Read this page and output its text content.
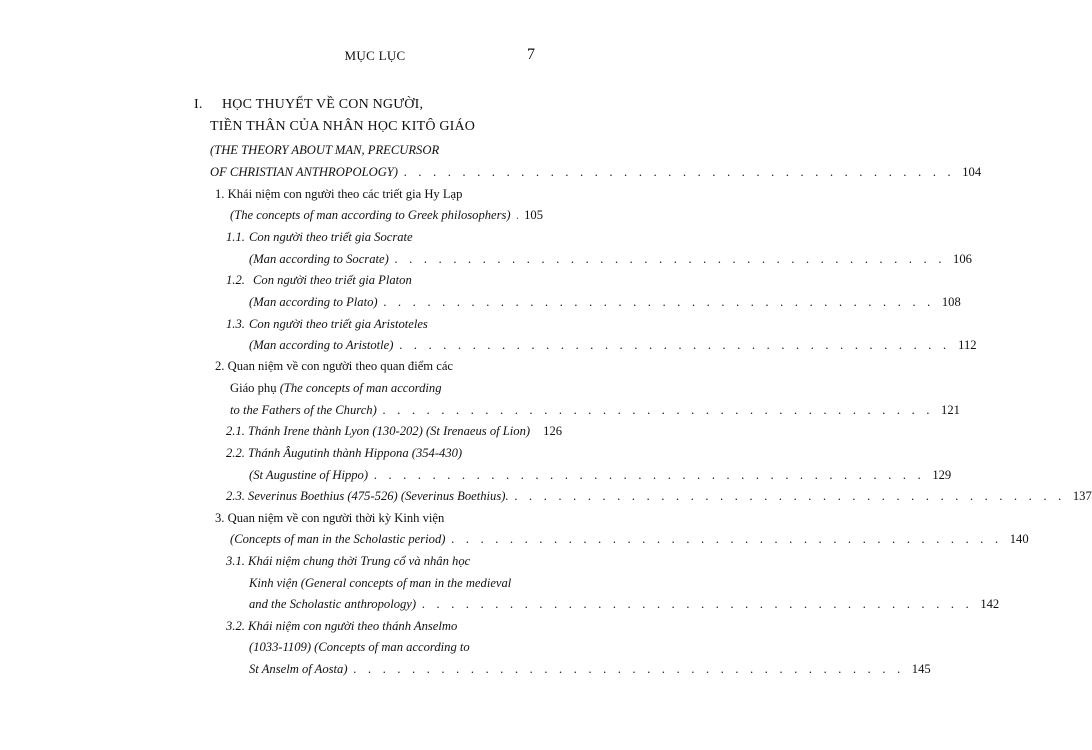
MỤC LỤC	7
I. HỌC THUYẾT VỀ CON NGƯỜI,
TIỀN THÂN CỦA NHÂN HỌC KITÔ GIÁO
(THE THEORY ABOUT MAN, PRECURSOR
OF CHRISTIAN ANTHROPOLOGY) . . . . . . . . . . . . . . . . . . . . . . . . . . . . . . . . . . . . . . 104
1. Khái niệm con người theo các triết gia Hy Lạp
(The concepts of man according to Greek philosophers) 105
1.1. Con người theo triết gia Socrate
(Man according to Socrate) . . . . . . . . . . . . . . . . . . . . . . . . . . . . . . . . . . . . . . 106
1.2. Con người theo triết gia Platon
(Man according to Plato) . . . . . . . . . . . . . . . . . . . . . . . . . . . . . . . . . . . . . . 108
1.3. Con người theo triết gia Aristoteles
(Man according to Aristotle) . . . . . . . . . . . . . . . . . . . . . . . . . . . . . . . . . . . . . . 112
2. Quan niệm về con người theo quan điểm các
Giáo phụ (The concepts of man according
to the Fathers of the Church) . . . . . . . . . . . . . . . . . . . . . . . . . . . . . . . . . . . . . . 121
2.1. Thánh Irene thành Lyon (130-202) (St Irenaeus of Lion) 126
2.2. Thánh Âugutinh thành Hippona (354-430)
(St Augustine of Hippo) . . . . . . . . . . . . . . . . . . . . . . . . . . . . . . . . . . . . . . 129
2.3. Severinus Boethius (475-526) (Severinus Boethius). . . . . . . . . . . . . . . . . . . . . . . . . . . . . . . . . . . . . . . 137
3. Quan niệm về con người thời kỳ Kinh viện
(Concepts of man in the Scholastic period) . . . . . . . . . . . . . . . . . . . . . . . . . . . . . . . . . . . . . . 140
3.1. Khái niệm chung thời Trung cổ và nhân học
Kinh viện (General concepts of man in the medieval
and the Scholastic anthropology) . . . . . . . . . . . . . . . . . . . . . . . . . . . . . . . . . . . . . . 142
3.2. Khái niệm con người theo thánh Anselmo
(1033-1109) (Concepts of man according to
St Anselm of Aosta) . . . . . . . . . . . . . . . . . . . . . . . . . . . . . . . . . . . . . . 145
